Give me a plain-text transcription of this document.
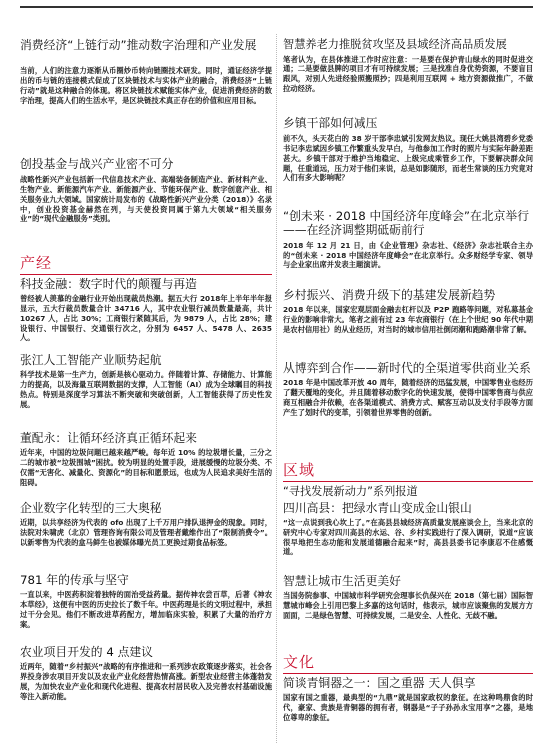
消费经济“上链行动”推动数字治理和产业发展

当前，人们的注意力逐渐从币圈炒币转向链圈技术研发。同时，通证经济学提出的币与链的连接模式促成了区块链技术与实体产业的融合，消费经济“上链行动”就是这种融合的体现。将区块链技术赋能实体产业，促进消费经济的数字治理，提高人们的生活水平，是区块链技术真正存在的价值和应用目标。

创投基金与战兴产业密不可分

战略性新兴产业包括新一代信息技术产业、高端装备制造产业、新材料产业、生物产业、新能源汽车产业、新能源产业、节能环保产业、数字创意产业、相关服务业九大领域。国家统计局发布的《战略性新兴产业分类（2018）》名录中，创业投资基金赫然在列，与天使投资同属于第九大领域“相关服务业”的“现代金融服务”类别。

产经

科技金融：数字时代的颠覆与再造

曾经被人羡慕的金融行业开始出现裁员热潮。据五大行 2018年上半年半年报显示，五大行裁员数量合计 34716 人，其中农业银行减员数量最高，共计 10267 人，占比 30%；工商银行紧随其后，为 9879 人，占比 28%；建设银行、中国银行、交通银行次之，分别为 6457 人、5478 人、2635 人。

张江人工智能产业顺势起航

科学技术是第一生产力，创新是核心驱动力。伴随着计算、存储能力、计算能力的提高，以及海量互联网数据的支撑，人工智能（AI）成为全球瞩目的科技热点。特别是深度学习算法不断突破和突破创新，人工智能获得了历史性发展。

董配永：让循环经济真正循环起来

近年来，中国的垃圾问题已越来越严峻。每年近 10% 的垃圾增长量，三分之二的城市被“垃圾围城”困扰。较为明显的处置手段，进展缓慢的垃圾分类、不仅需“无害化、减量化、资源化”的目标和愿景远，也成为人民追求美好生活的阻碍。

企业数字化转型的三大奥秘

近期，以共享经济为代表的 ofo 出现了上千万用户排队退押金的现象。同时，法院对朱啸虎（北京）管理咨询有限公司及管理者戴维作出了“限制消费令”。以新零售为代表的盒马鲜生也被媒体曝光员工更换过期食品标签。

781 年的传承与坚守

一直以来，中医药积淀着独特的面治受益药量。据传神农尝百草，后著《神农本草经》，这便有中医的历史拉长了数千年。中医药理是长的文明过程中，承担过干分会见。他们不断改进草药配方，增加临床实验，积累了大量的治疗方案。

农业项目开发的 4 点建议

近两年，随着“乡村振兴”战略的有序推进和一系列涉农政策逐步落实，社会各界投身涉农项目开发以及农业产业化经营热情高涨。新型农业经营主体蓬勃发展，为加快农业产业化和现代化进程、提高农村居民收入及完善农村基础设施等注入新动能。

智慧养老力推脱贫攻坚及县域经济高品质发展

笔者认为，在县体推进工作时应注意：一是要在保护青山绿水的同时促进交通；二是要做县脾的项目才有可持续发展；三是找准自身优势资源，不要盲目跟风，对别人先进经验照搬照抄；四是利用互联网 + 地方资源做推广，不做拉动经济。

乡镇干部如何减压

前不久，头天花白的 38 岁干部李忠斌引发网友热议。现任大姚县湾碧乡党委书记李忠斌因乡镇工作繁重头发早白，与他参加工作时的照片与实际年龄差距甚大。乡镇干部对于维护当地稳定、上级完成乘管乡工作，下要解决群众问题，任重道远，压力对于他们来说，总是如影随形，而老生常谈的压力究竟对人们有多大影响呢？

“创未来 · 2018 中国经济年度峰会”在北京举行——在经济调整期砥砺前行

2018 年 12 月 21 日，由《企业管理》杂志社、《经济》杂志社联合主办的“创未来 · 2018 中国经济年度峰会”在北京举行。众多财经学专家、领导与企业家出席并发表主题演讲。

乡村振兴、消费升级下的基建发展新趋势

2018 年以来，国家宏观层面金融去杠杆以及 P2P 跑路等问题，对私募基金行业的影响非常大。笔者之前有过 23 年农商银行（在上个世纪 90 年代中期是农村信用社）的从业经历，对当时的城市信用社倒闭潮和跑路潮非常了解。

从博弈到合作——新时代的全渠道零供商业关系

2018 年是中国改革开放 40 周年，随着经济的迅猛发展，中国零售业也经历了翻天覆地的变化，并且随着移动数字化的快速发展，使得中国零售商与供应商互相融合并依赖，在各渠道模式、消费方式、赋客互动以及支付手段等方面产生了划时代的变革，引领着世界零售的创新。

区域

“寻找发展新动力”系列报道

四川高县：把绿水青山变成金山银山

“这一点说到我心坎上了。”在高县县城经济高质量发展座谈会上，当来北京的研究中心专家对四川高县的水运、谷、乡村实践进行了深入调研，说道“应该很早地把生态功能和发展道德融合起来”时，高县县委书记李康忍不住感慨道。

智慧让城市生活更美好

当国务院参事、中国城市科学研究会理事长仇保兴在 2018（第七届）国际智慧城市峰会上引用巴黎上多嘉的这句话时，他表示，城市应该聚焦的发展方方面面，二是绿色智慧、可持续发展，二是安全、人性化、无歧不融。

文化

简谈青铜器之一：国之重器 天人俱享

国家有国之重器，最典型的“九鼎”就是国家政权的象征。在这种鸣鼎食的时代，豪家、贵族是青铜器的拥有者，钢器是“子子孙孙永宝用享”之器，是地位尊卑的象征。
